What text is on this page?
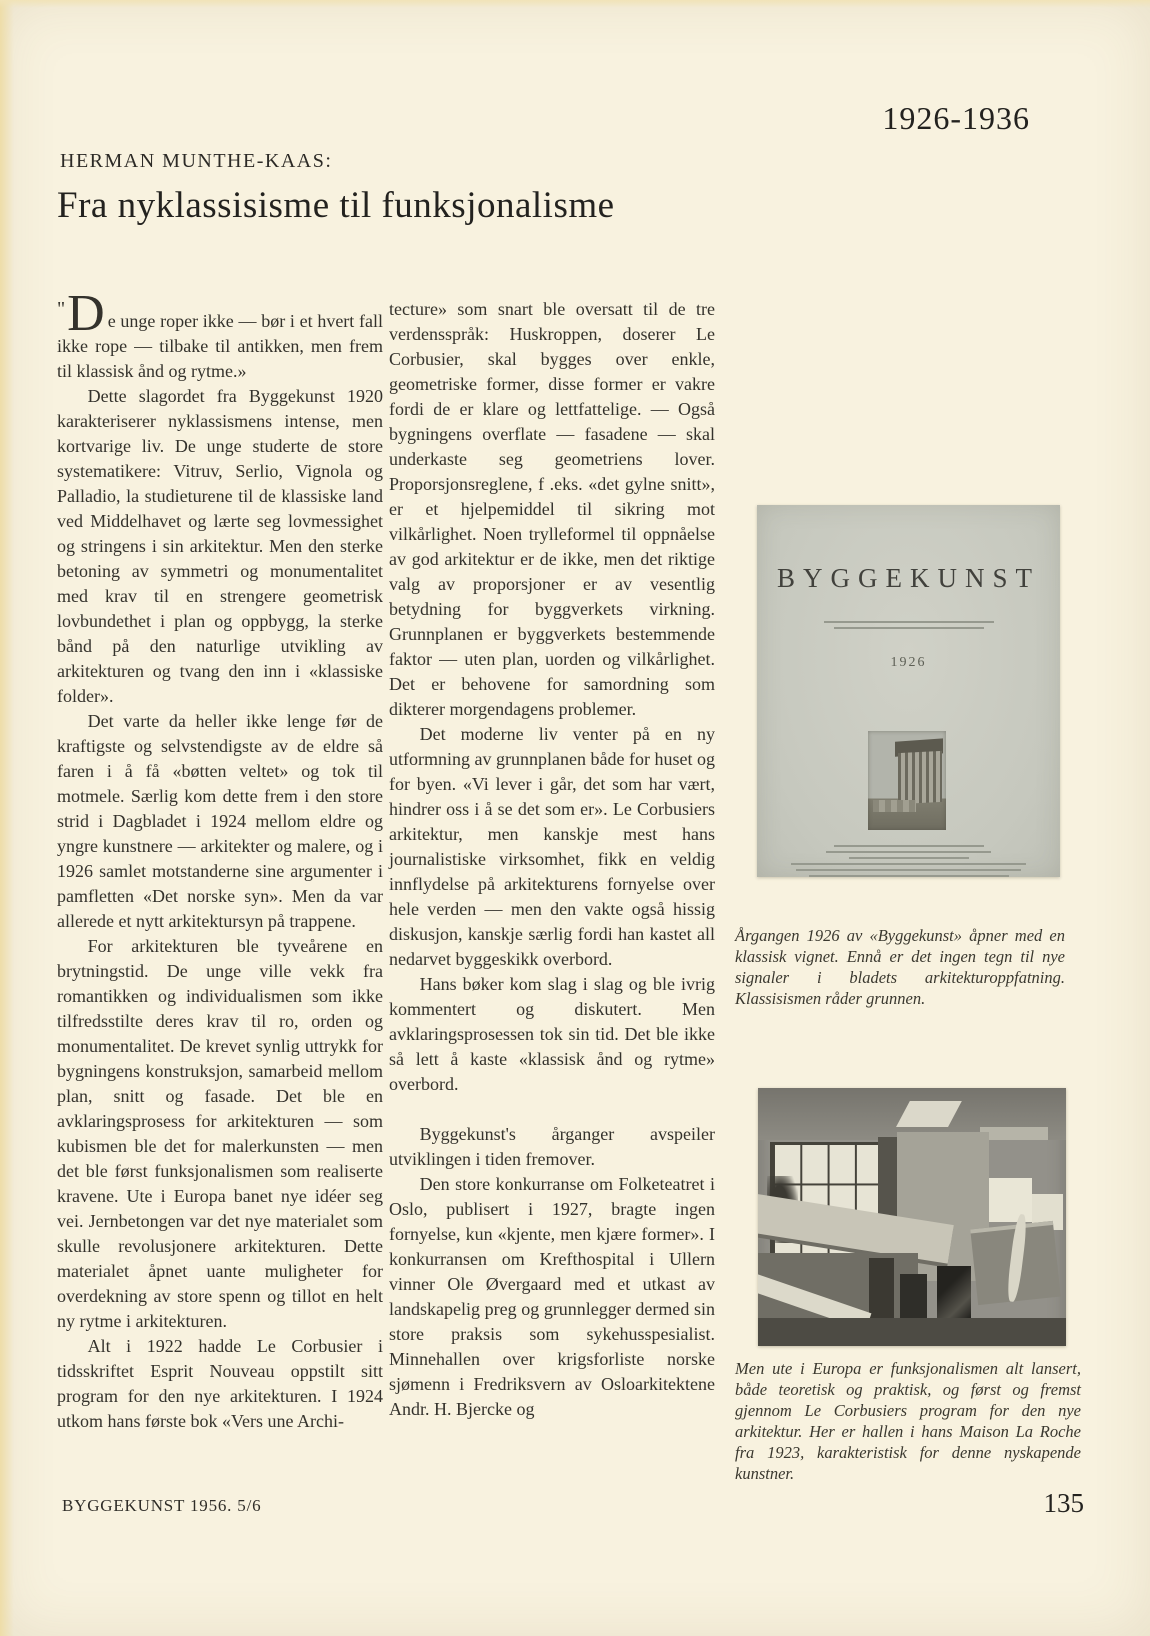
1926-1936
HERMAN MUNTHE-KAAS:
Fra nyklassisisme til funksjonalisme

"D e unge roper ikke — bør i et hvert fall ikke rope — tilbake til antikken, men frem til klassisk ånd og rytme.»

Dette slagordet fra Byggekunst 1920 karakteriserer nyklassismens intense, men kortvarige liv. De unge studerte de store systematikere: Vitruv, Serlio, Vignola og Palladio, la studieturene til de klassiske land ved Middelhavet og lærte seg lovmessighet og stringens i sin arkitektur. Men den sterke betoning av symmetri og monumentalitet med krav til en strengere geometrisk lovbundethet i plan og oppbygg, la sterke bånd på den naturlige utvikling av arkitekturen og tvang den inn i «klassiske folder».

Det varte da heller ikke lenge før de kraftigste og selvstendigste av de eldre så faren i å få «bøtten veltet» og tok til motmele. Særlig kom dette frem i den store strid i Dagbladet i 1924 mellom eldre og yngre kunstnere — arkitekter og malere, og i 1926 samlet motstanderne sine argumenter i pamfletten «Det norske syn». Men da var allerede et nytt arkitektursyn på trappene.

For arkitekturen ble tyveårene en brytningstid. De unge ville vekk fra romantikken og individualismen som ikke tilfredsstilte deres krav til ro, orden og monumentalitet. De krevet synlig uttrykk for bygningens konstruksjon, samarbeid mellom plan, snitt og fasade. Det ble en avklaringsprosess for arkitekturen — som kubismen ble det for malerkunsten — men det ble først funksjonalismen som realiserte kravene. Ute i Europa banet nye idéer seg vei. Jernbetongen var det nye materialet som skulle revolusjonere arkitekturen. Dette materialet åpnet uante muligheter for overdekning av store spenn og tillot en helt ny rytme i arkitekturen.

Alt i 1922 hadde Le Corbusier i tidsskriftet Esprit Nouveau oppstilt sitt program for den nye arkitekturen. I 1924 utkom hans første bok «Vers une Archi-

tecture» som snart ble oversatt til de tre verdensspråk: Huskroppen, doserer Le Corbusier, skal bygges over enkle, geometriske former, disse former er vakre fordi de er klare og lettfattelige. — Også bygningens overflate — fasadene — skal underkaste seg geometriens lover. Proporsjonsreglene, f .eks. «det gylne snitt», er et hjelpemiddel til sikring mot vilkårlighet. Noen trylleformel til oppnåelse av god arkitektur er de ikke, men det riktige valg av proporsjoner er av vesentlig betydning for byggverkets virkning. Grunnplanen er byggverkets bestemmende faktor — uten plan, uorden og vilkårlighet. Det er behovene for samordning som dikterer morgendagens problemer.

Det moderne liv venter på en ny utformning av grunnplanen både for huset og for byen. «Vi lever i går, det som har vært, hindrer oss i å se det som er». Le Corbusiers arkitektur, men kanskje mest hans journalistiske virksomhet, fikk en veldig innflydelse på arkitekturens fornyelse over hele verden — men den vakte også hissig diskusjon, kanskje særlig fordi han kastet all nedarvet byggeskikk overbord.

Hans bøker kom slag i slag og ble ivrig kommentert og diskutert. Men avklaringsprosessen tok sin tid. Det ble ikke så lett å kaste «klassisk ånd og rytme» overbord.

Byggekunst's årganger avspeiler utviklingen i tiden fremover.

Den store konkurranse om Folketeatret i Oslo, publisert i 1927, bragte ingen fornyelse, kun «kjente, men kjære former». I konkurransen om Krefthospital i Ullern vinner Ole Øvergaard med et utkast av landskapelig preg og grunnlegger dermed sin store praksis som sykehusspesialist. Minnehallen over krigsforliste norske sjømenn i Fredriksvern av Osloarkitektene Andr. H. Bjercke og

BYGGEKUNST
1926
Årgangen 1926 av «Byggekunst» åpner med en klassisk vignet. Ennå er det ingen tegn til nye signaler i bladets arkitekturoppfatning. Klassisismen råder grunnen.
Men ute i Europa er funksjonalismen alt lansert, både teoretisk og praktisk, og først og fremst gjennom Le Corbusiers program for den nye arkitektur. Her er hallen i hans Maison La Roche fra 1923, karakteristisk for denne nyskapende kunstner.
BYGGEKUNST 1956. 5/6	135
